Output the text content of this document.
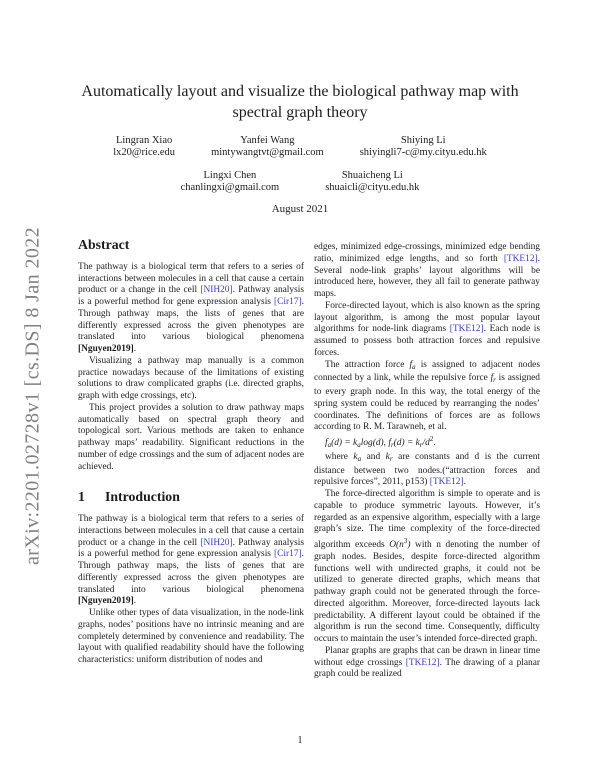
arXiv:2201.02728v1 [cs.DS] 8 Jan 2022
Automatically layout and visualize the biological pathway map with spectral graph theory
Lingran Xiao
lx20@rice.edu
Yanfei Wang
mintywangtvt@gmail.com
Shiying Li
shiyingli7-c@my.cityu.edu.hk
Lingxi Chen
chanlingxi@gmail.com
Shuaicheng Li
shuaicli@cityu.edu.hk
August 2021
Abstract

The pathway is a biological term that refers to a series of interactions between molecules in a cell that cause a certain product or a change in the cell [NIH20]. Pathway analysis is a powerful method for gene expression analysis [Cir17]. Through pathway maps, the lists of genes that are differently expressed across the given phenotypes are translated into various biological phenomena [Nguyen2019].

Visualizing a pathway map manually is a common practice nowadays because of the limitations of existing solutions to draw complicated graphs (i.e. directed graphs, graph with edge crossings, etc).

This project provides a solution to draw pathway maps automatically based on spectral graph theory and topological sort. Various methods are taken to enhance pathway maps’ readability. Significant reductions in the number of edge crossings and the sum of adjacent nodes are achieved.

1 Introduction

The pathway is a biological term that refers to a series of interactions between molecules in a cell that cause a certain product or a change in the cell [NIH20]. Pathway analysis is a powerful method for gene expression analysis [Cir17]. Through pathway maps, the lists of genes that are differently expressed across the given phenotypes are translated into various biological phenomena [Nguyen2019].

Unlike other types of data visualization, in the node-link graphs, nodes’ positions have no intrinsic meaning and are completely determined by convenience and readability. The layout with qualified readability should have the following characteristics: uniform distribution of nodes and

edges, minimized edge-crossings, minimized edge bending ratio, minimized edge lengths, and so forth [TKE12]. Several node-link graphs’ layout algorithms will be introduced here, however, they all fail to generate pathway maps.

Force-directed layout, which is also known as the spring layout algorithm, is among the most popular layout algorithms for node-link diagrams [TKE12]. Each node is assumed to possess both attraction forces and repulsive forces.

The attraction force $f_a$ is assigned to adjacent nodes connected by a link, while the repulsive force $f_r$ is assigned to every graph node. In this way, the total energy of the spring system could be reduced by rearranging the nodes’ coordinates. The definitions of forces are as follows according to R. M. Tarawneh, et al.

$f_a(d) = k_a\log(d)$, $f_r(d) = k_r/d^2$.

where $k_a$ and $k_r$ are constants and d is the current distance between two nodes.(“attraction forces and repulsive forces”, 2011, p153) [TKE12].

The force-directed algorithm is simple to operate and is capable to produce symmetric layouts. However, it’s regarded as an expensive algorithm, especially with a large graph’s size. The time complexity of the force-directed algorithm exceeds $O(n^3)$ with n denoting the number of graph nodes. Besides, despite force-directed algorithm functions well with undirected graphs, it could not be utilized to generate directed graphs, which means that pathway graph could not be generated through the force-directed algorithm. Moreover, force-directed layouts lack predictability. A different layout could be obtained if the algorithm is run the second time. Consequently, difficulty occurs to maintain the user’s intended force-directed graph.

Planar graphs are graphs that can be drawn in linear time without edge crossings [TKE12]. The drawing of a planar graph could be realized

1
